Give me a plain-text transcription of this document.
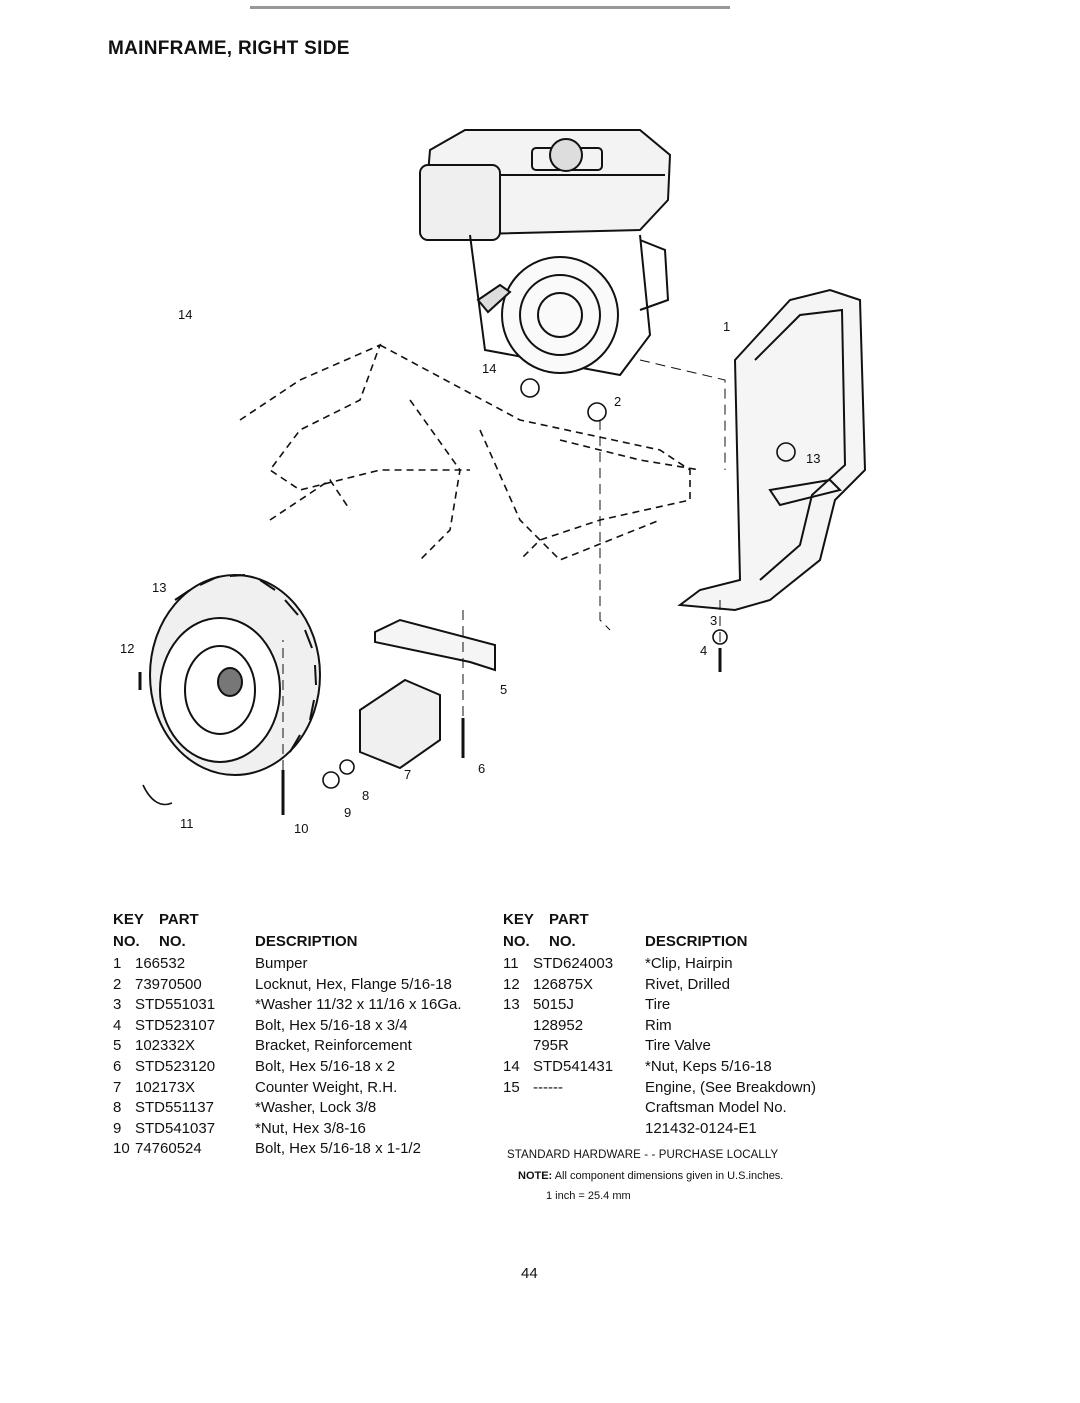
MAINFRAME, RIGHT SIDE
14
14
2
1
13
13
12
3
4
5
6
7
8
9
10
11
KEY PART
NO. NO.	DESCRIPTION
1 166532	Bumper
2 73970500	Locknut, Hex, Flange 5/16-18
3 STD551031	*Washer 11/32 x 11/16 x 16Ga.
4 STD523107	Bolt, Hex 5/16-18 x 3/4
5 102332X	Bracket, Reinforcement
6 STD523120	Bolt, Hex 5/16-18 x 2
7 102173X	Counter Weight, R.H.
8 STD551137	*Washer, Lock 3/8
9 STD541037	*Nut, Hex 3/8-16
10 74760524	Bolt, Hex 5/16-18 x 1-1/2
KEY PART
NO. NO.	DESCRIPTION
11 STD624003 *Clip, Hairpin
12 126875X	Rivet, Drilled
13 5015J	Tire
128952	Rim
795R	Tire Valve
14 STD541431 *Nut, Keps 5/16-18
15 ------	Engine, (See Breakdown)
Craftsman Model No.
121432-0124-E1
STANDARD HARDWARE - - PURCHASE LOCALLY
NOTE: All component dimensions given in U.S.inches.
1 inch = 25.4 mm
44
